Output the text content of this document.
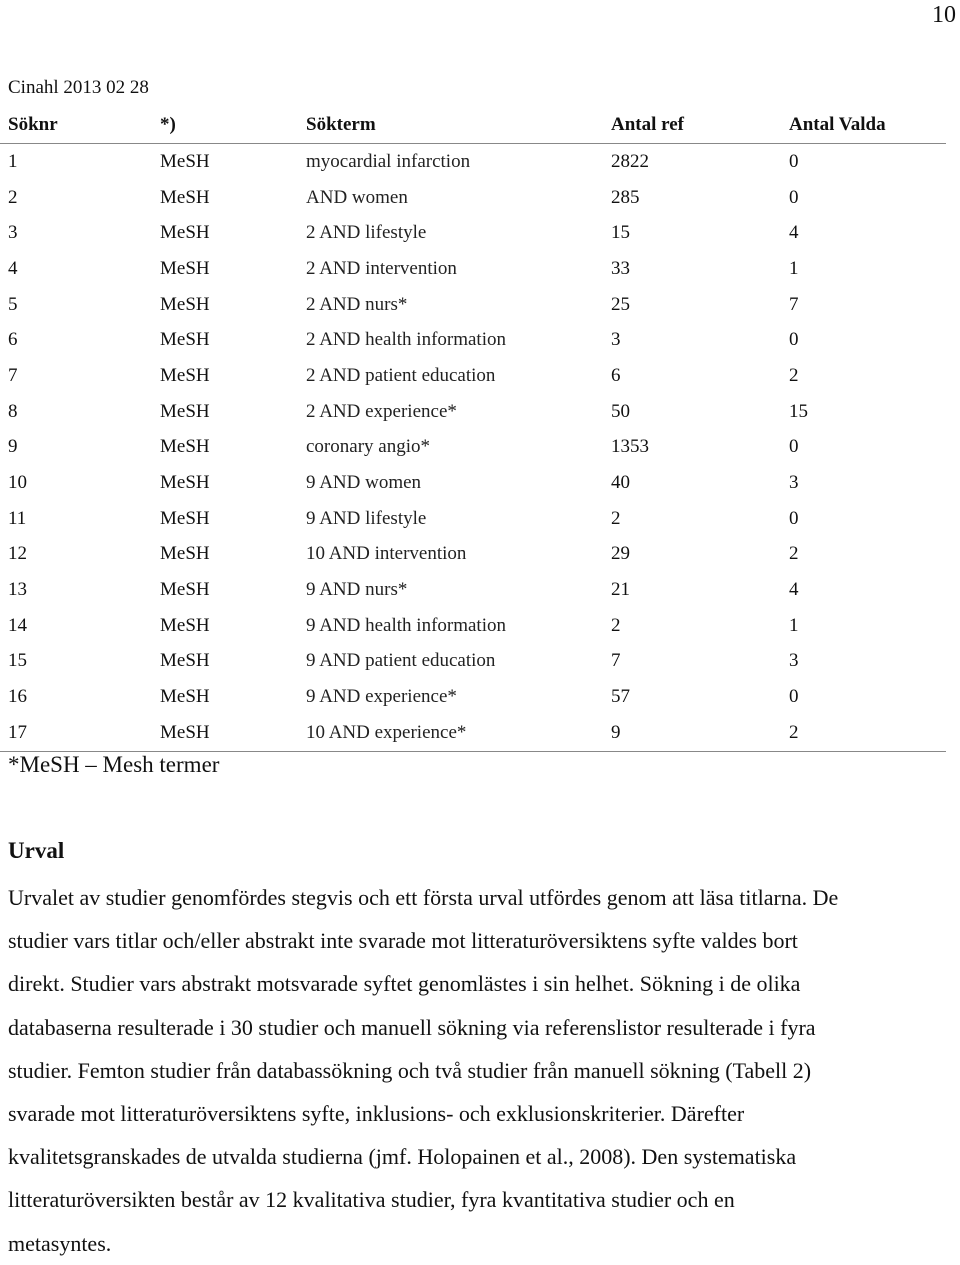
10
Cinahl 2013 02 28
Söknr	*)	Sökterm	Antal ref	Antal Valda
1	MeSH	myocardial infarction	2822	0
2	MeSH	AND women	285	0
3	MeSH	2 AND lifestyle	15	4
4	MeSH	2 AND intervention	33	1
5	MeSH	2 AND nurs*	25	7
6	MeSH	2 AND health information	3	0
7	MeSH	2 AND patient education	6	2
8	MeSH	2 AND experience*	50	15
9	MeSH	coronary angio*	1353	0
10	MeSH	9 AND women	40	3
11	MeSH	9 AND lifestyle	2	0
12	MeSH	10 AND intervention	29	2
13	MeSH	9 AND nurs*	21	4
14	MeSH	9 AND health information	2	1
15	MeSH	9 AND patient education	7	3
16	MeSH	9 AND experience*	57	0
17	MeSH	10 AND experience*	9	2
*MeSH – Mesh termer
Urval
Urvalet av studier genomfördes stegvis och ett första urval utfördes genom att läsa titlarna. De
studier vars titlar och/eller abstrakt inte svarade mot litteraturöversiktens syfte valdes bort
direkt. Studier vars abstrakt motsvarade syftet genomlästes i sin helhet. Sökning i de olika
databaserna resulterade i 30 studier och manuell sökning via referenslistor resulterade i fyra
studier. Femton studier från databassökning och två studier från manuell sökning (Tabell 2)
svarade mot litteraturöversiktens syfte, inklusions- och exklusionskriterier. Därefter
kvalitetsgranskades de utvalda studierna (jmf. Holopainen et al., 2008). Den systematiska
litteraturöversikten består av 12 kvalitativa studier, fyra kvantitativa studier och en
metasyntes.
